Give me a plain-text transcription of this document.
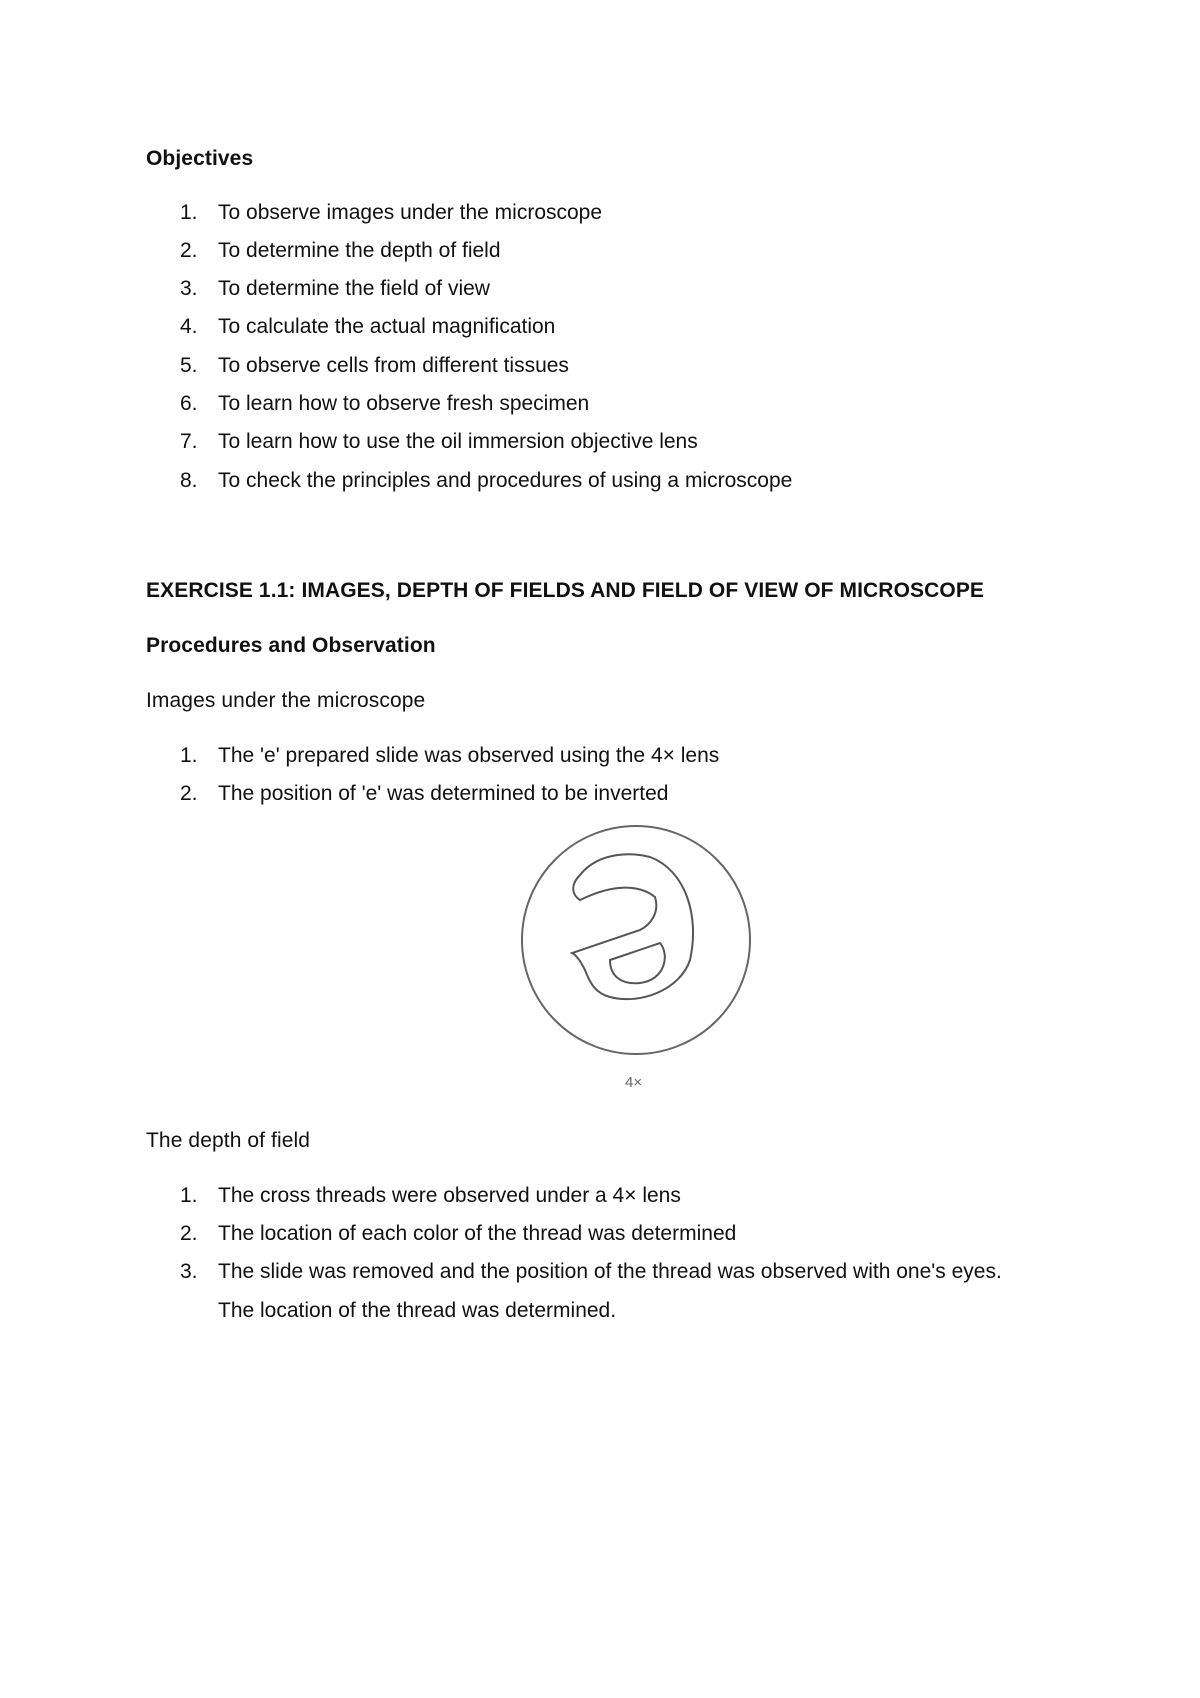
Objectives
1. To observe images under the microscope
2. To determine the depth of field
3. To determine the field of view
4. To calculate the actual magnification
5. To observe cells from different tissues
6. To learn how to observe fresh specimen
7. To learn how to use the oil immersion objective lens
8. To check the principles and procedures of using a microscope
EXERCISE 1.1: IMAGES, DEPTH OF FIELDS AND FIELD OF VIEW OF MICROSCOPE
Procedures and Observation
Images under the microscope
1. The 'e' prepared slide was observed using the 4× lens
2. The position of 'e' was determined to be inverted
4×
The depth of field
1. The cross threads were observed under a 4× lens
2. The location of each color of the thread was determined
3. The slide was removed and the position of the thread was observed with one's eyes.
The location of the thread was determined.
